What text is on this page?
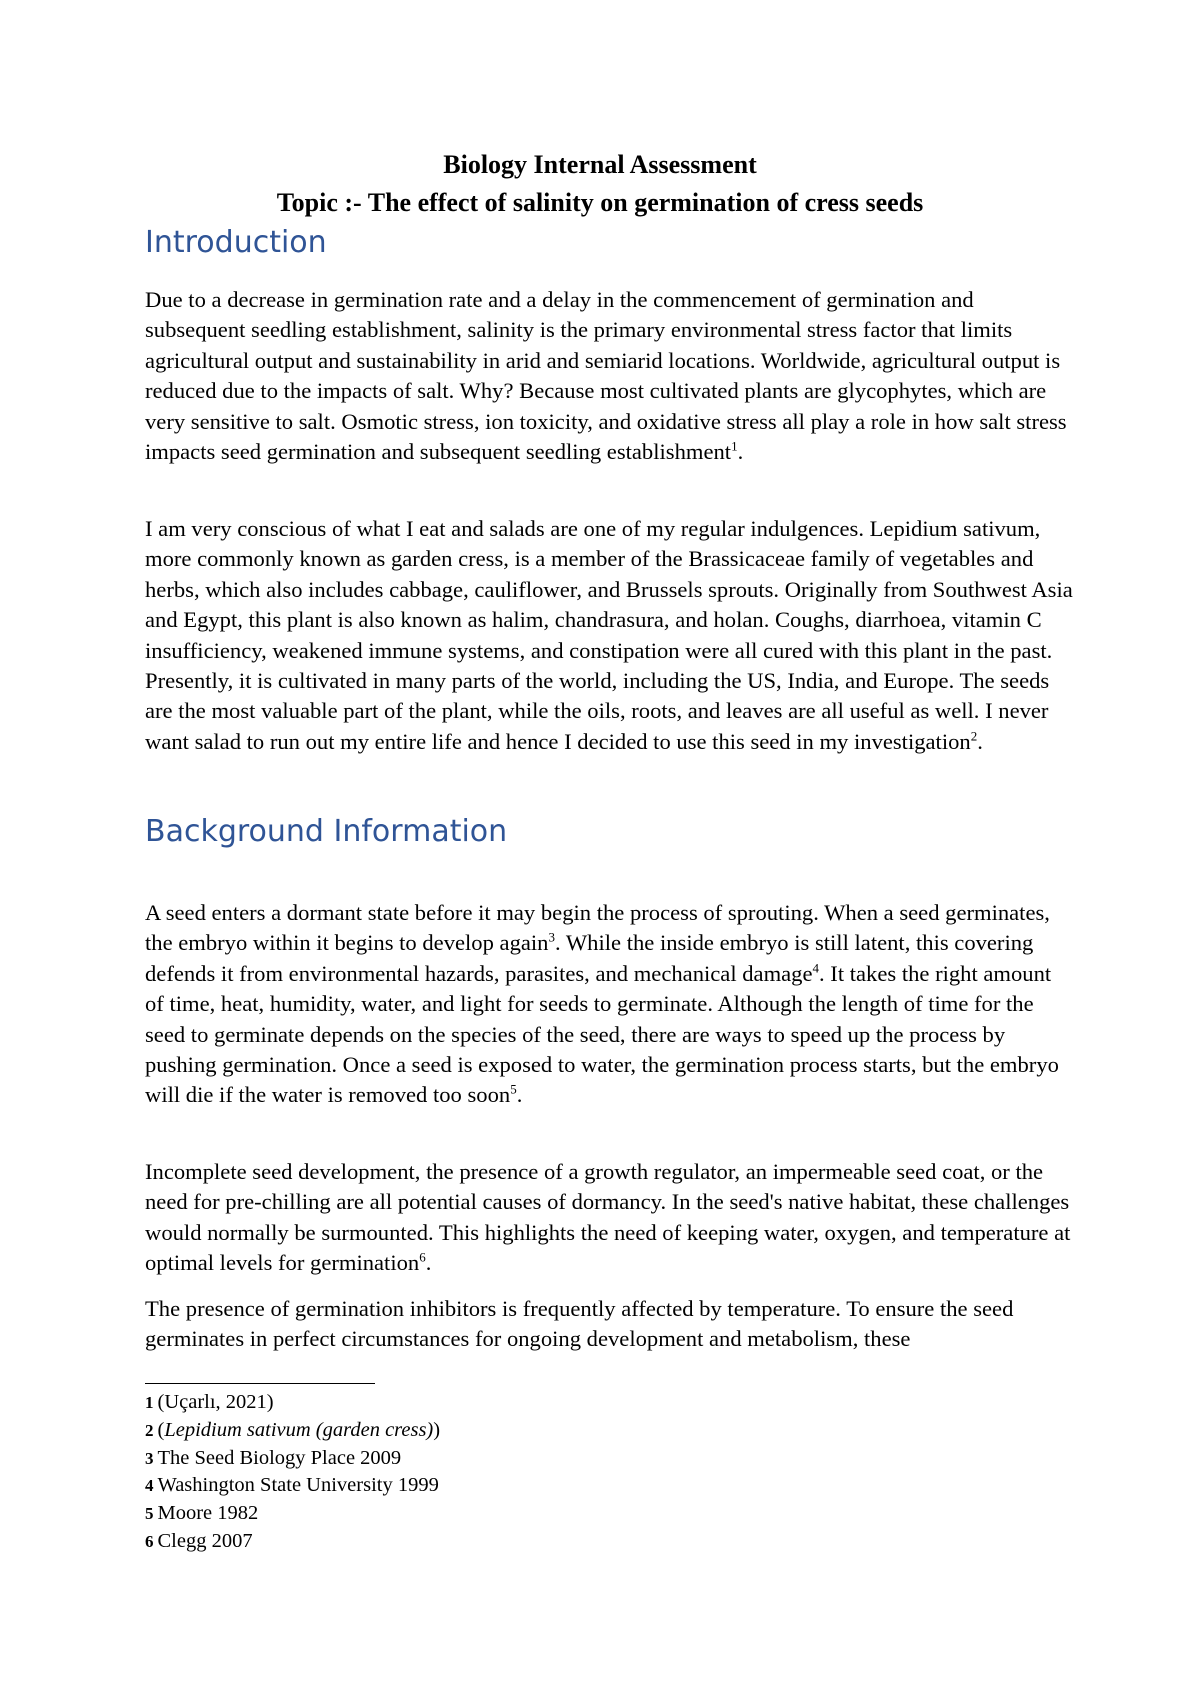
Biology Internal Assessment

Topic :- The effect of salinity on germination of cress seeds

Introduction

Due to a decrease in germination rate and a delay in the commencement of germination and subsequent seedling establishment, salinity is the primary environmental stress factor that limits agricultural output and sustainability in arid and semiarid locations. Worldwide, agricultural output is reduced due to the impacts of salt. Why? Because most cultivated plants are glycophytes, which are very sensitive to salt. Osmotic stress, ion toxicity, and oxidative stress all play a role in how salt stress impacts seed germination and subsequent seedling establishment$^1$.

I am very conscious of what I eat and salads are one of my regular indulgences. Lepidium sativum, more commonly known as garden cress, is a member of the Brassicaceae family of vegetables and herbs, which also includes cabbage, cauliflower, and Brussels sprouts. Originally from Southwest Asia and Egypt, this plant is also known as halim, chandrasura, and holan. Coughs, diarrhoea, vitamin C insufficiency, weakened immune systems, and constipation were all cured with this plant in the past. Presently, it is cultivated in many parts of the world, including the US, India, and Europe. The seeds are the most valuable part of the plant, while the oils, roots, and leaves are all useful as well. I never want salad to run out my entire life and hence I decided to use this seed in my investigation$^2$.

Background Information

A seed enters a dormant state before it may begin the process of sprouting. When a seed germinates, the embryo within it begins to develop again$^3$. While the inside embryo is still latent, this covering defends it from environmental hazards, parasites, and mechanical damage$^4$. It takes the right amount of time, heat, humidity, water, and light for seeds to germinate. Although the length of time for the seed to germinate depends on the species of the seed, there are ways to speed up the process by pushing germination. Once a seed is exposed to water, the germination process starts, but the embryo will die if the water is removed too soon$^5$.

Incomplete seed development, the presence of a growth regulator, an impermeable seed coat, or the need for pre-chilling are all potential causes of dormancy. In the seed's native habitat, these challenges would normally be surmounted. This highlights the need of keeping water, oxygen, and temperature at optimal levels for germination$^6$.

The presence of germination inhibitors is frequently affected by temperature. To ensure the seed germinates in perfect circumstances for ongoing development and metabolism, these

1 (Uçarlı, 2021)
2 (Lepidium sativum (garden cress))
3 The Seed Biology Place 2009
4 Washington State University 1999
5 Moore 1982
6 Clegg 2007
